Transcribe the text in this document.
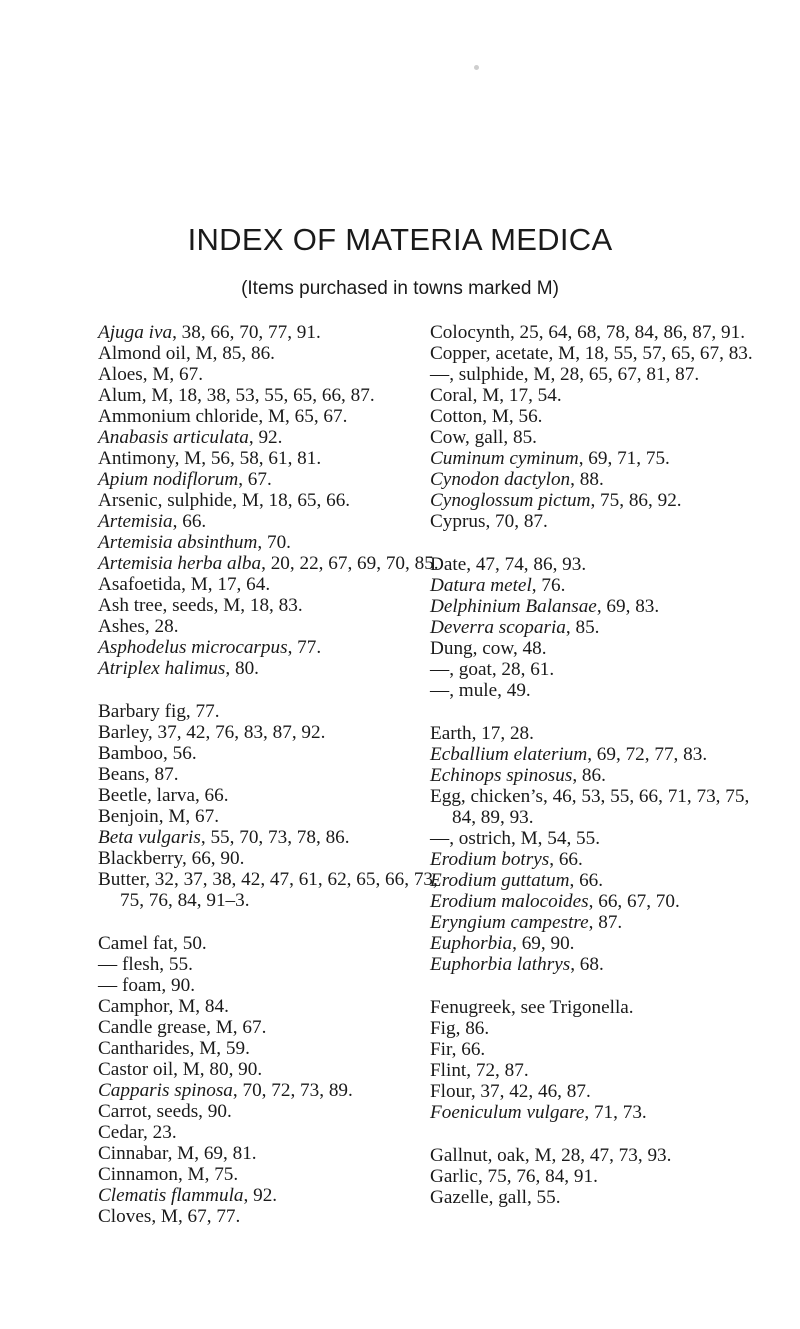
INDEX OF MATERIA MEDICA

(Items purchased in towns marked M)

Ajuga iva, 38, 66, 70, 77, 91.

Almond oil, M, 85, 86.

Aloes, M, 67.

Alum, M, 18, 38, 53, 55, 65, 66, 87.

Ammonium chloride, M, 65, 67.

Anabasis articulata, 92.

Antimony, M, 56, 58, 61, 81.

Apium nodiflorum, 67.

Arsenic, sulphide, M, 18, 65, 66.

Artemisia, 66.

Artemisia absinthum, 70.

Artemisia herba alba, 20, 22, 67, 69, 70, 85.

Asafoetida, M, 17, 64.

Ash tree, seeds, M, 18, 83.

Ashes, 28.

Asphodelus microcarpus, 77.

Atriplex halimus, 80.

Barbary fig, 77.

Barley, 37, 42, 76, 83, 87, 92.

Bamboo, 56.

Beans, 87.

Beetle, larva, 66.

Benjoin, M, 67.

Beta vulgaris, 55, 70, 73, 78, 86.

Blackberry, 66, 90.

Butter, 32, 37, 38, 42, 47, 61, 62, 65, 66, 73, 75, 76, 84, 91–3.

Camel fat, 50.

— flesh, 55.

— foam, 90.

Camphor, M, 84.

Candle grease, M, 67.

Cantharides, M, 59.

Castor oil, M, 80, 90.

Capparis spinosa, 70, 72, 73, 89.

Carrot, seeds, 90.

Cedar, 23.

Cinnabar, M, 69, 81.

Cinnamon, M, 75.

Clematis flammula, 92.

Cloves, M, 67, 77.

Colocynth, 25, 64, 68, 78, 84, 86, 87, 91.

Copper, acetate, M, 18, 55, 57, 65, 67, 83.

—, sulphide, M, 28, 65, 67, 81, 87.

Coral, M, 17, 54.

Cotton, M, 56.

Cow, gall, 85.

Cuminum cyminum, 69, 71, 75.

Cynodon dactylon, 88.

Cynoglossum pictum, 75, 86, 92.

Cyprus, 70, 87.

Date, 47, 74, 86, 93.

Datura metel, 76.

Delphinium Balansae, 69, 83.

Deverra scoparia, 85.

Dung, cow, 48.

—, goat, 28, 61.

—, mule, 49.

Earth, 17, 28.

Ecballium elaterium, 69, 72, 77, 83.

Echinops spinosus, 86.

Egg, chicken’s, 46, 53, 55, 66, 71, 73, 75, 84, 89, 93.

—, ostrich, M, 54, 55.

Erodium botrys, 66.

Erodium guttatum, 66.

Erodium malocoides, 66, 67, 70.

Eryngium campestre, 87.

Euphorbia, 69, 90.

Euphorbia lathrys, 68.

Fenugreek, see Trigonella.

Fig, 86.

Fir, 66.

Flint, 72, 87.

Flour, 37, 42, 46, 87.

Foeniculum vulgare, 71, 73.

Gallnut, oak, M, 28, 47, 73, 93.

Garlic, 75, 76, 84, 91.

Gazelle, gall, 55.
